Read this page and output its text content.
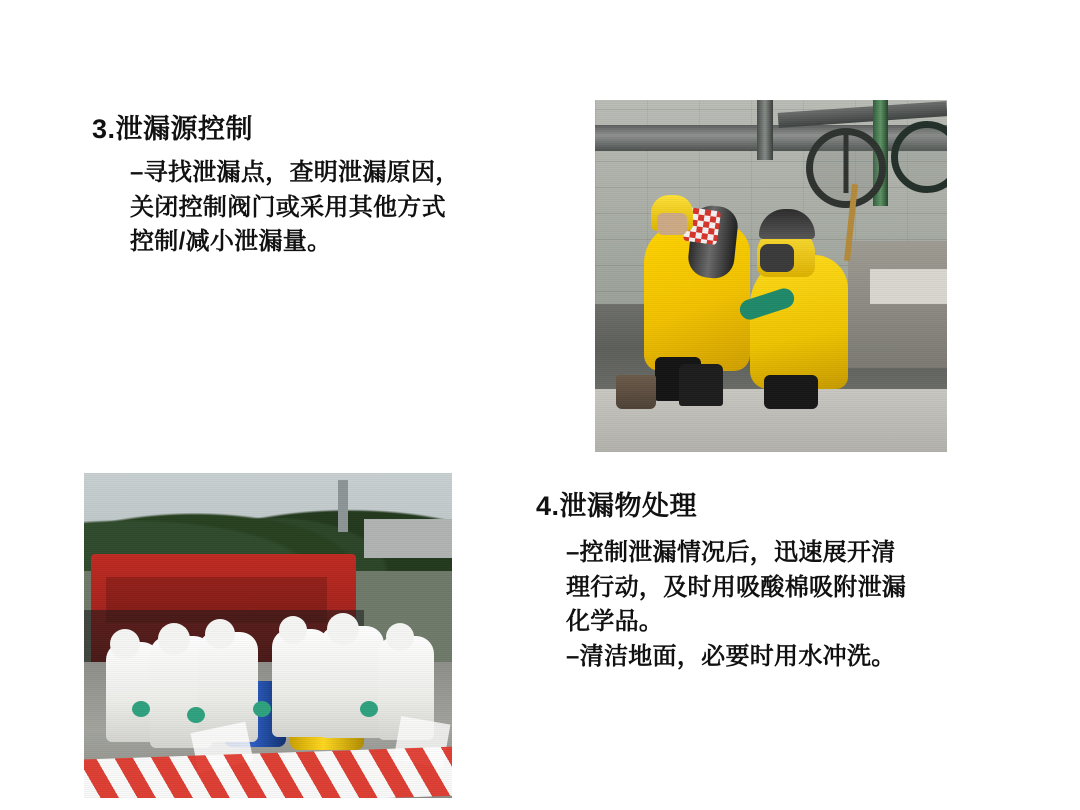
3.泄漏源控制
–寻找泄漏点，查明泄漏原因，
关闭控制阀门或采用其他方式
控制/减小泄漏量。
4.泄漏物处理
–控制泄漏情况后，迅速展开清
理行动，及时用吸酸棉吸附泄漏
化学品。
–清洁地面，必要时用水冲洗。
